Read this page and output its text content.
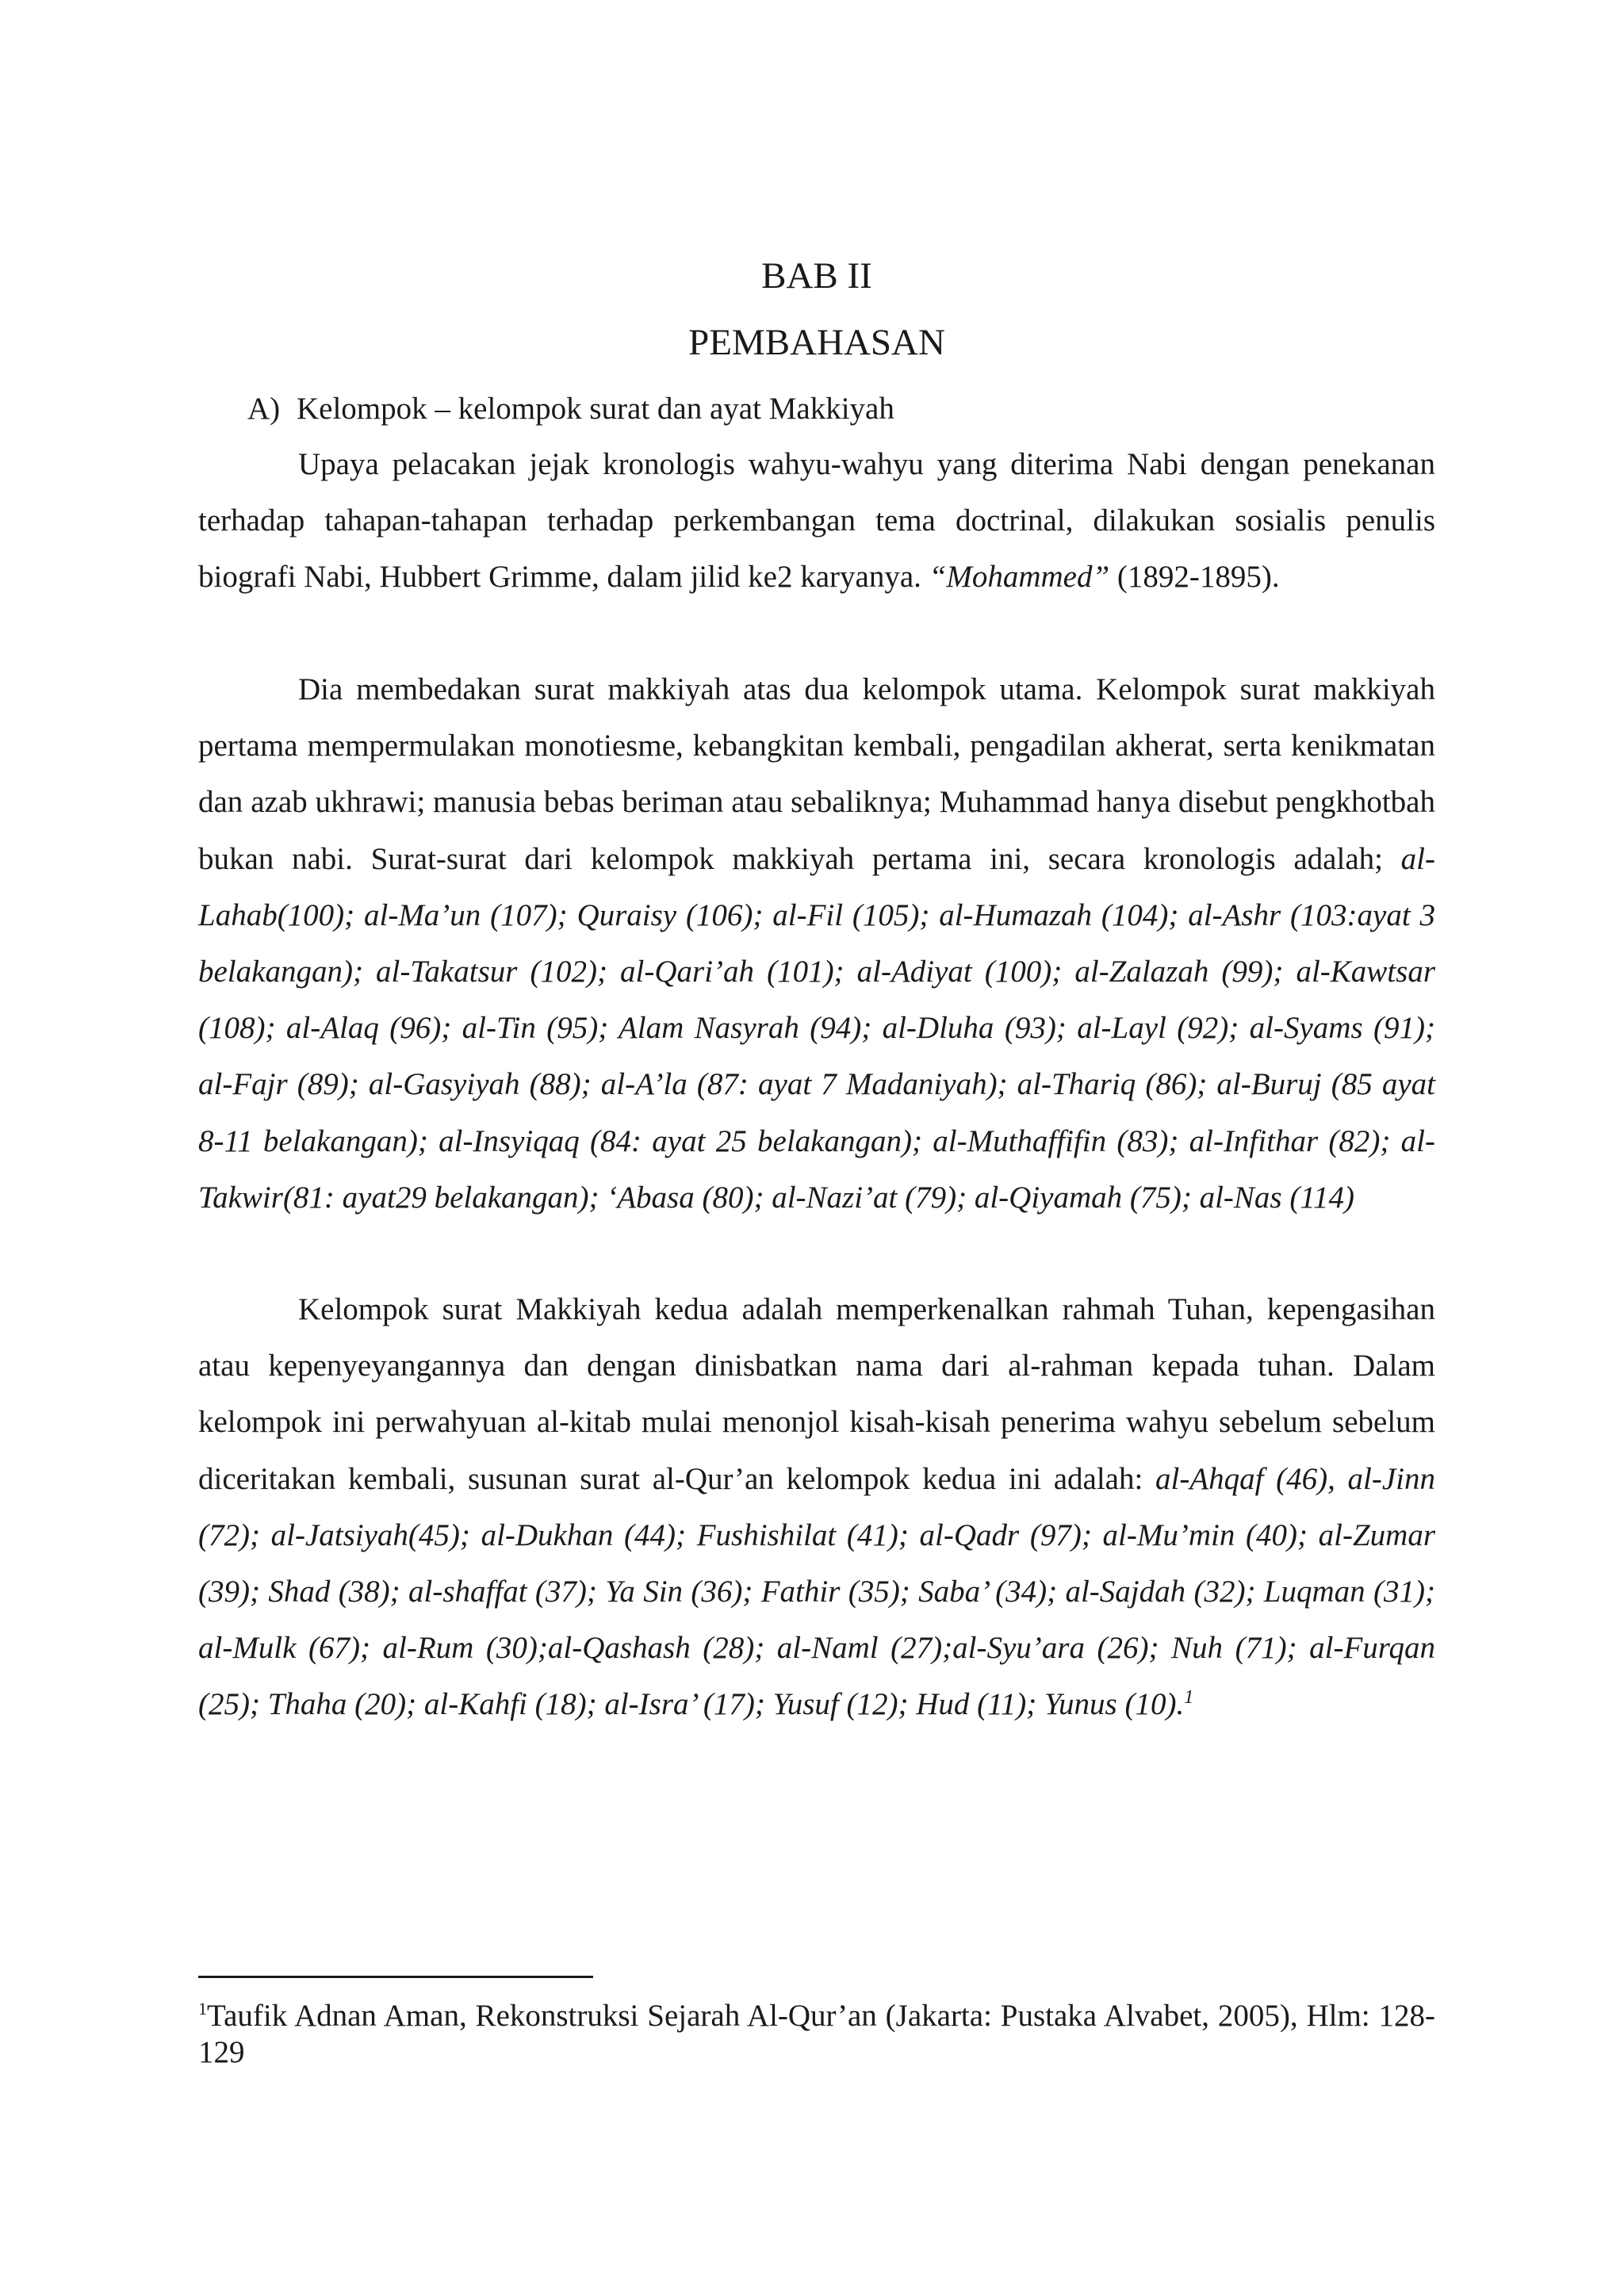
BAB II
PEMBAHASAN
A) Kelompok – kelompok surat dan ayat Makkiyah

Upaya pelacakan jejak kronologis wahyu-wahyu yang diterima Nabi dengan penekanan terhadap tahapan-tahapan terhadap perkembangan tema doctrinal, dilakukan sosialis penulis biografi Nabi, Hubbert Grimme, dalam jilid ke2 karyanya. “Mohammed” (1892-1895).

Dia membedakan surat makkiyah atas dua kelompok utama. Kelompok surat makkiyah pertama mempermulakan monotiesme, kebangkitan kembali, pengadilan akherat, serta kenikmatan dan azab ukhrawi; manusia bebas beriman atau sebaliknya; Muhammad hanya disebut pengkhotbah bukan nabi. Surat-surat dari kelompok makkiyah pertama ini, secara kronologis adalah; al-Lahab(100); al-Ma’un (107); Quraisy (106); al-Fil (105); al-Humazah (104); al-Ashr (103:ayat 3 belakangan); al-Takatsur (102); al-Qari’ah (101); al-Adiyat (100); al-Zalazah (99); al-Kawtsar (108); al-Alaq (96); al-Tin (95); Alam Nasyrah (94); al-Dluha (93); al-Layl (92); al-Syams (91); al-Fajr (89); al-Gasyiyah (88); al-A’la (87: ayat 7 Madaniyah); al-Thariq (86); al-Buruj (85 ayat 8-11 belakangan); al-Insyiqaq (84: ayat 25 belakangan); al-Muthaffifin (83); al-Infithar (82); al-Takwir(81: ayat29 belakangan); ‘Abasa (80); al-Nazi’at (79); al-Qiyamah (75); al-Nas (114)

Kelompok surat Makkiyah kedua adalah memperkenalkan rahmah Tuhan, kepengasihan atau kepenyeyangannya dan dengan dinisbatkan nama dari al-rahman kepada tuhan. Dalam kelompok ini perwahyuan al-kitab mulai menonjol kisah-kisah penerima wahyu sebelum sebelum diceritakan kembali, susunan surat al-Qur’an kelompok kedua ini adalah: al-Ahqaf (46), al-Jinn (72); al-Jatsiyah(45); al-Dukhan (44); Fushishilat (41); al-Qadr (97); al-Mu’min (40); al-Zumar (39); Shad (38); al-shaffat (37); Ya Sin (36); Fathir (35); Saba’ (34); al-Sajdah (32); Luqman (31); al-Mulk (67); al-Rum (30);al-Qashash (28); al-Naml (27);al-Syu’ara (26); Nuh (71); al-Furqan (25); Thaha (20); al-Kahfi (18); al-Isra’ (17); Yusuf (12); Hud (11); Yunus (10).$^1$

$^1$Taufik Adnan Aman, Rekonstruksi Sejarah Al-Qur’an (Jakarta: Pustaka Alvabet, 2005), Hlm: 128-129
